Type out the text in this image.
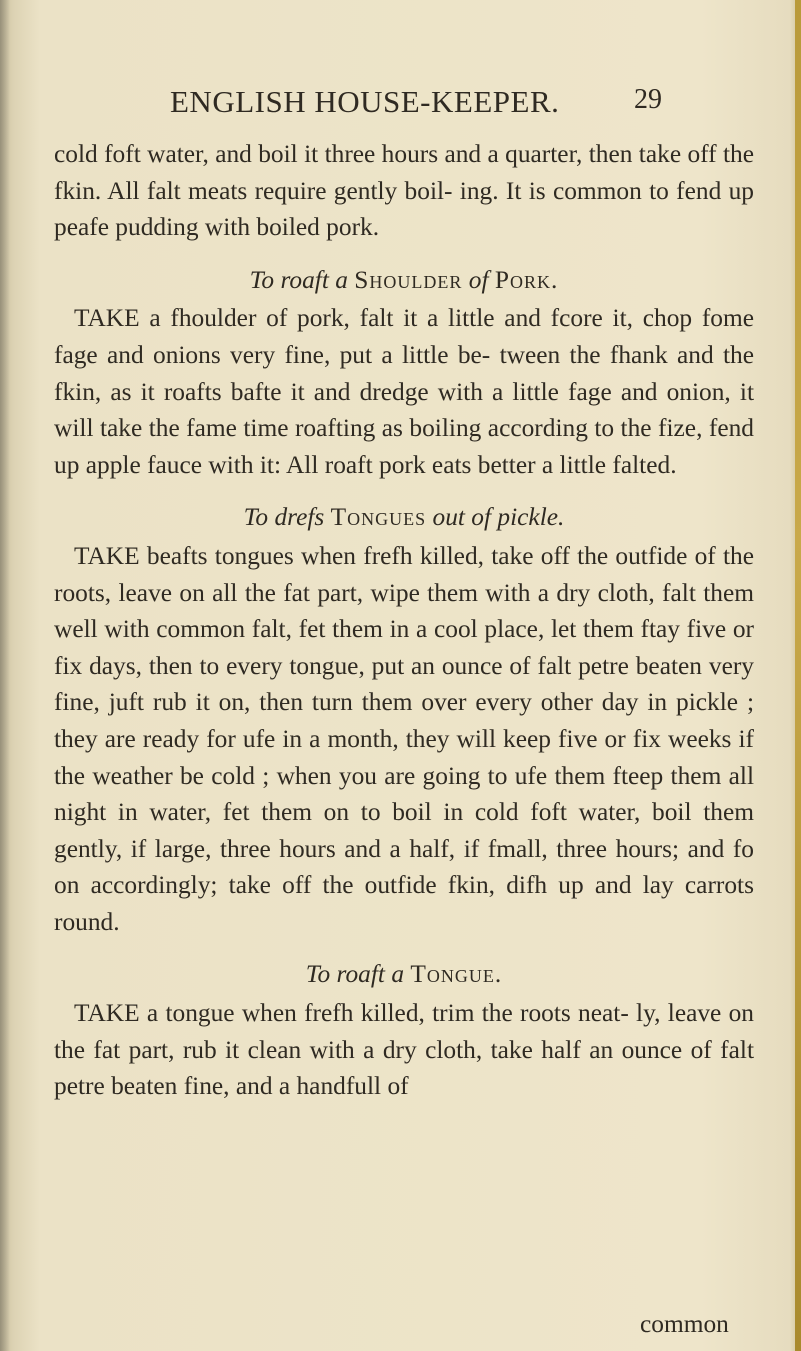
ENGLISH HOUSE-KEEPER.	29

cold foft water, and boil it three hours and a quarter, then take off the fkin. All falt meats require gently boil- ing. It is common to fend up peafe pudding with boiled pork.

To roaft a Shoulder of Pork.

TAKE a fhoulder of pork, falt it a little and fcore it, chop fome fage and onions very fine, put a little be- tween the fhank and the fkin, as it roafts bafte it and dredge with a little fage and onion, it will take the fame time roafting as boiling according to the fize, fend up apple fauce with it: All roaft pork eats better a little falted.

To drefs Tongues out of pickle.

TAKE beafts tongues when frefh killed, take off the outfide of the roots, leave on all the fat part, wipe them with a dry cloth, falt them well with common falt, fet them in a cool place, let them ftay five or fix days, then to every tongue, put an ounce of falt petre beaten very fine, juft rub it on, then turn them over every other day in pickle ; they are ready for ufe in a month, they will keep five or fix weeks if the weather be cold ; when you are going to ufe them fteep them all night in water, fet them on to boil in cold foft water, boil them gently, if large, three hours and a half, if fmall, three hours; and fo on accordingly; take off the outfide fkin, difh up and lay carrots round.

To roaft a Tongue.

TAKE a tongue when frefh killed, trim the roots neat- ly, leave on the fat part, rub it clean with a dry cloth, take half an ounce of falt petre beaten fine, and a handfull of

common
